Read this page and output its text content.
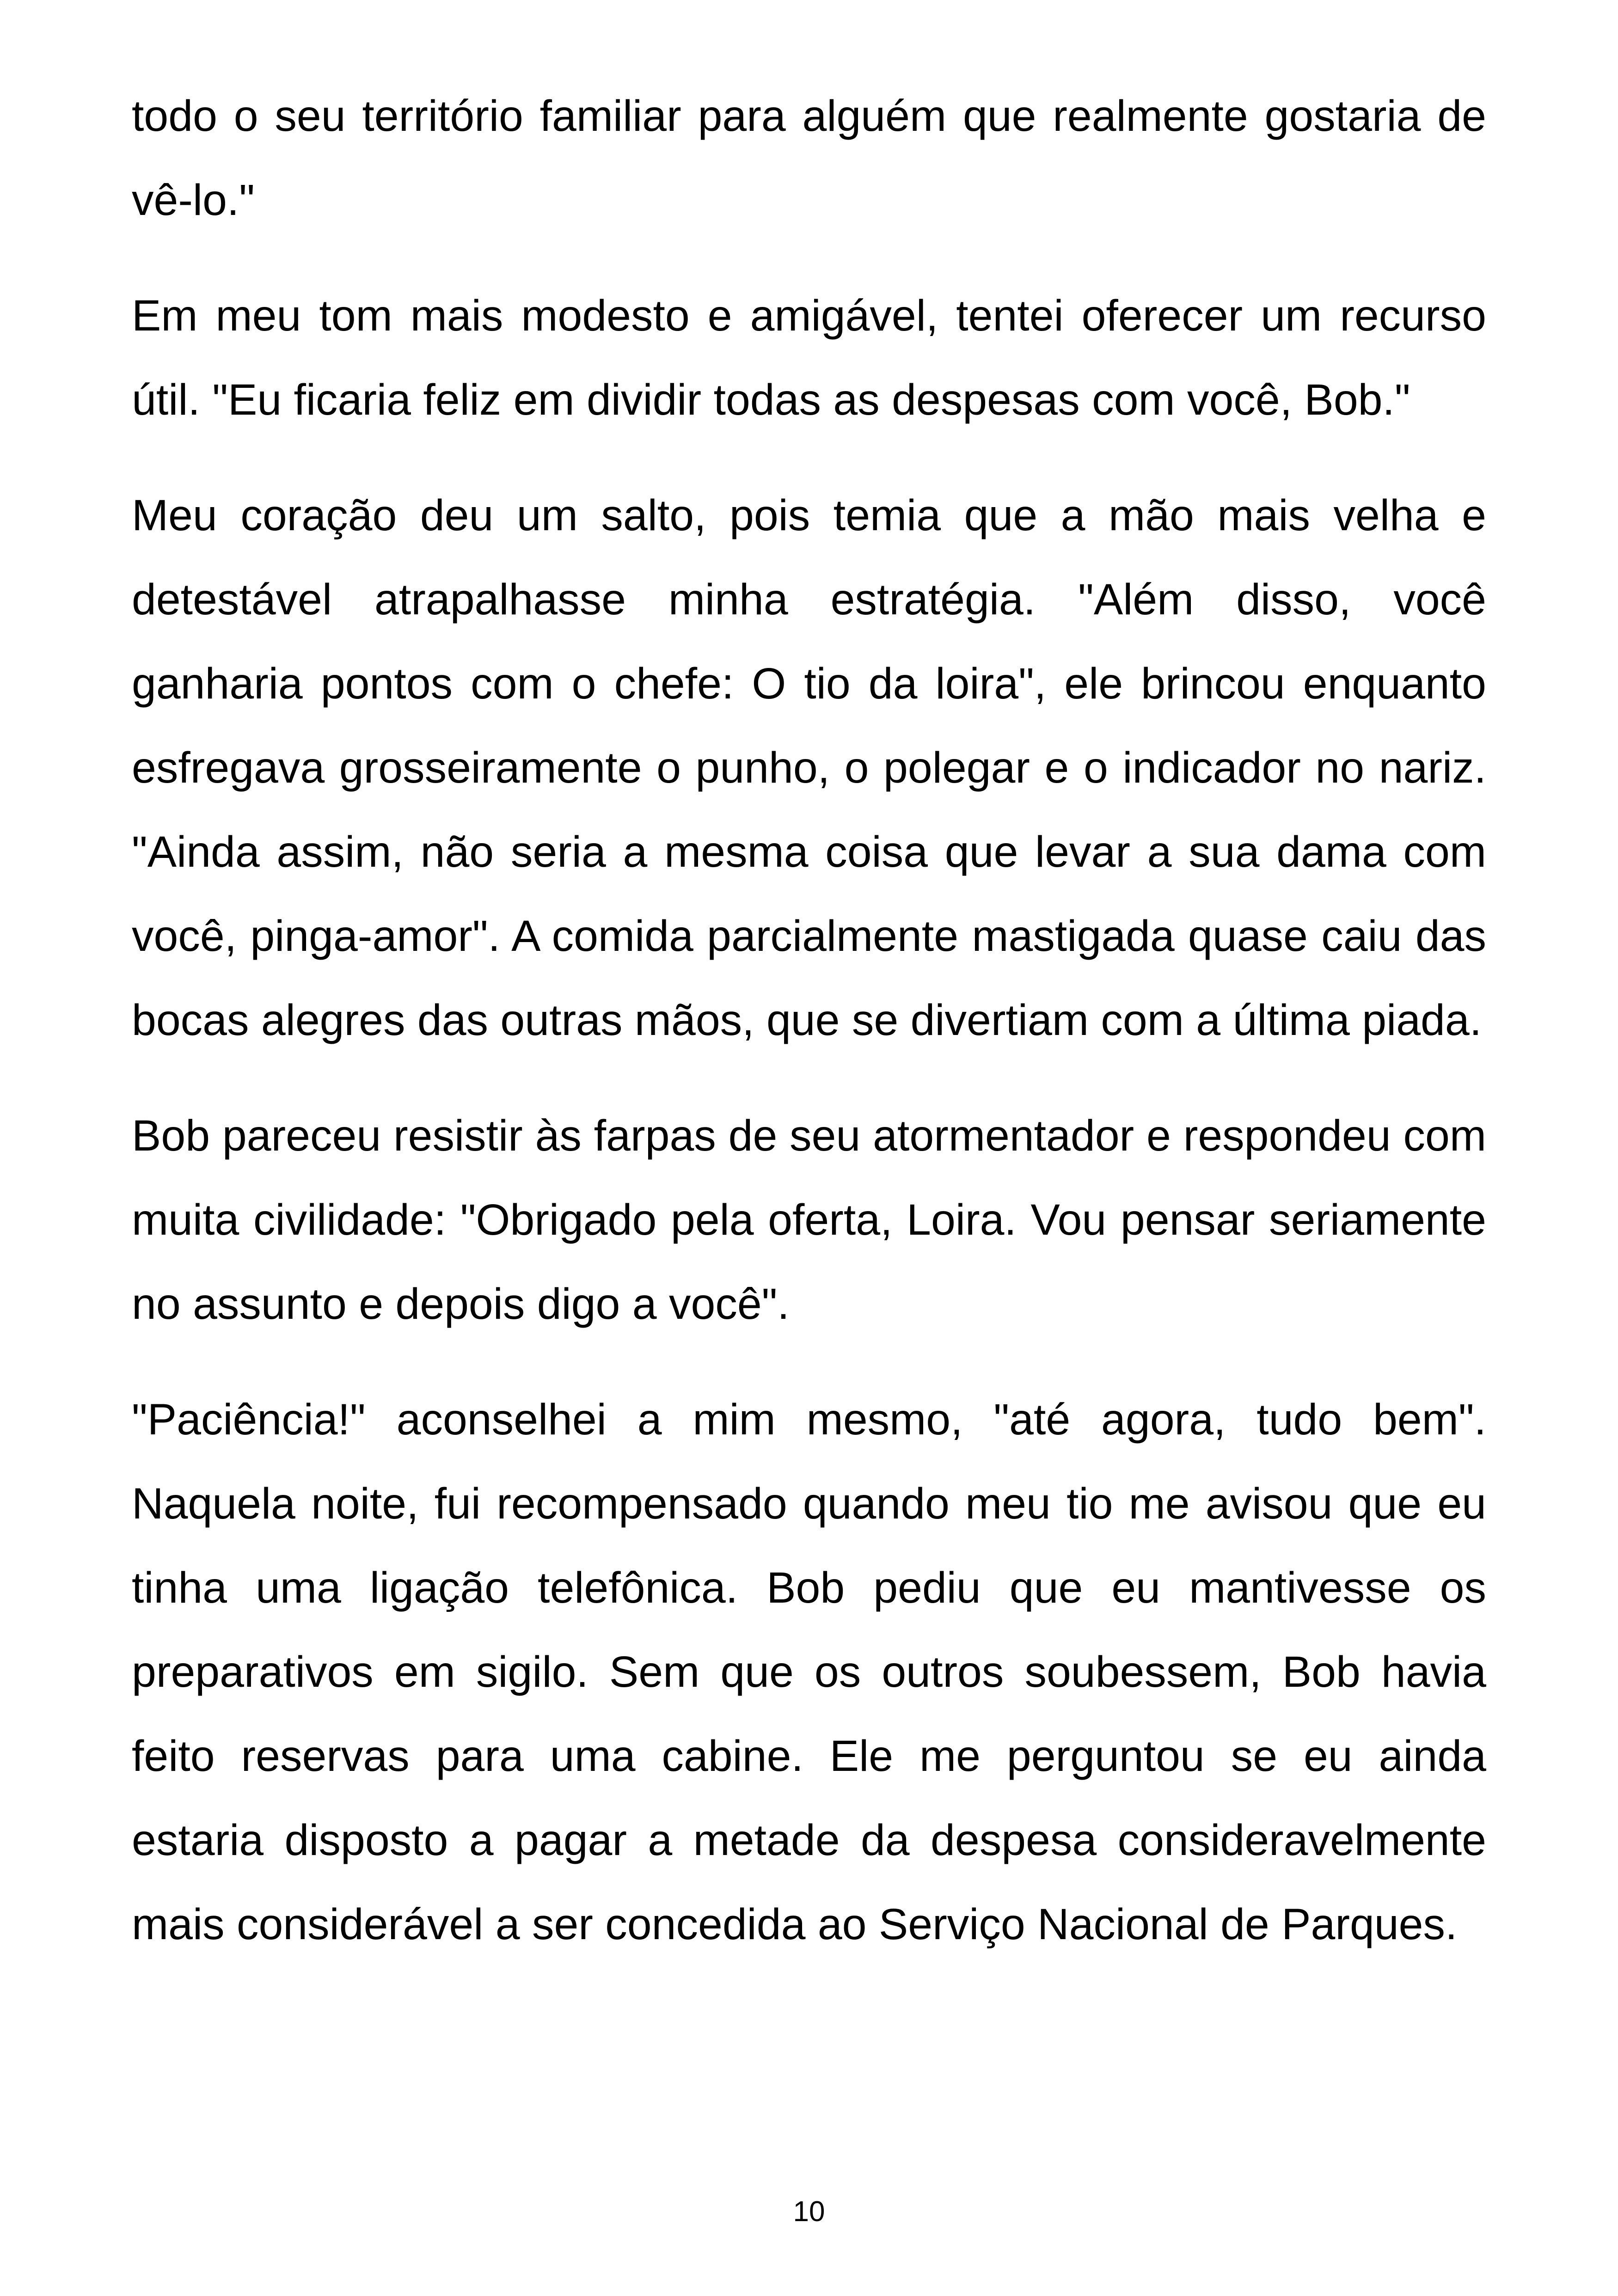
todo o seu território familiar para alguém que realmente gostaria de vê-lo."

Em meu tom mais modesto e amigável, tentei oferecer um recurso útil. "Eu ficaria feliz em dividir todas as despesas com você, Bob."

Meu coração deu um salto, pois temia que a mão mais velha e detestável atrapalhasse minha estratégia. "Além disso, você ganharia pontos com o chefe: O tio da loira", ele brincou enquanto esfregava grosseiramente o punho, o polegar e o indicador no nariz. "Ainda assim, não seria a mesma coisa que levar a sua dama com você, pinga-amor". A comida parcialmente mastigada quase caiu das bocas alegres das outras mãos, que se divertiam com a última piada.

Bob pareceu resistir às farpas de seu atormentador e respondeu com muita civilidade: "Obrigado pela oferta, Loira. Vou pensar seriamente no assunto e depois digo a você".

"Paciência!" aconselhei a mim mesmo, "até agora, tudo bem". Naquela noite, fui recompensado quando meu tio me avisou que eu tinha uma ligação telefônica. Bob pediu que eu mantivesse os preparativos em sigilo. Sem que os outros soubessem, Bob havia feito reservas para uma cabine. Ele me perguntou se eu ainda estaria disposto a pagar a metade da despesa consideravelmente mais considerável a ser concedida ao Serviço Nacional de Parques.

10
